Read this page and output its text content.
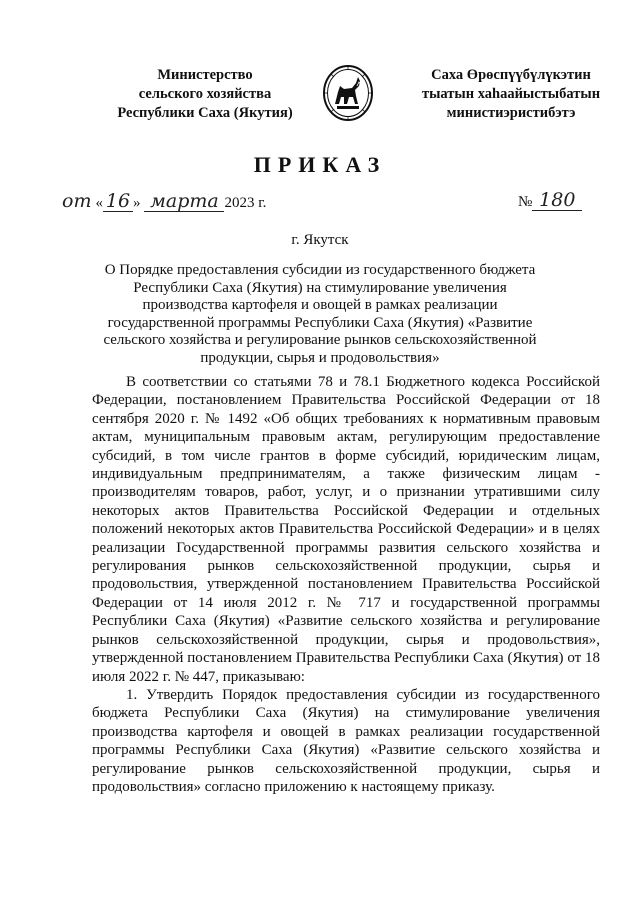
Министерство
сельского хозяйства
Республики Саха (Якутия)
Саха Өрөспүүбүлүкэтин
тыатын хаһаайыстыбатын
министиэристибэтэ
ПРИКАЗ
от « 16 » марта 2023 г.	№ 180
г. Якутск
О Порядке предоставления субсидии из государственного бюджета Республики Саха (Якутия) на стимулирование увеличения производства картофеля и овощей в рамках реализации государственной программы Республики Саха (Якутия) «Развитие сельского хозяйства и регулирование рынков сельскохозяйственной продукции, сырья и продовольствия»

В соответствии со статьями 78 и 78.1 Бюджетного кодекса Российской Федерации, постановлением Правительства Российской Федерации от 18 сентября 2020 г. № 1492 «Об общих требованиях к нормативным правовым актам, муниципальным правовым актам, регулирующим предоставление субсидий, в том числе грантов в форме субсидий, юридическим лицам, индивидуальным предпринимателям, а также физическим лицам - производителям товаров, работ, услуг, и о признании утратившими силу некоторых актов Правительства Российской Федерации и отдельных положений некоторых актов Правительства Российской Федерации» и в целях реализации Государственной программы развития сельского хозяйства и регулирования рынков сельскохозяйственной продукции, сырья и продовольствия, утвержденной постановлением Правительства Российской Федерации от 14 июля 2012 г. № 717 и государственной программы Республики Саха (Якутия) «Развитие сельского хозяйства и регулирование рынков сельскохозяйственной продукции, сырья и продовольствия», утвержденной постановлением Правительства Республики Саха (Якутия) от 18 июля 2022 г. № 447, приказываю:

1. Утвердить Порядок предоставления субсидии из государственного бюджета Республики Саха (Якутия) на стимулирование увеличения производства картофеля и овощей в рамках реализации государственной программы Республики Саха (Якутия) «Развитие сельского хозяйства и регулирование рынков сельскохозяйственной продукции, сырья и продовольствия» согласно приложению к настоящему приказу.
